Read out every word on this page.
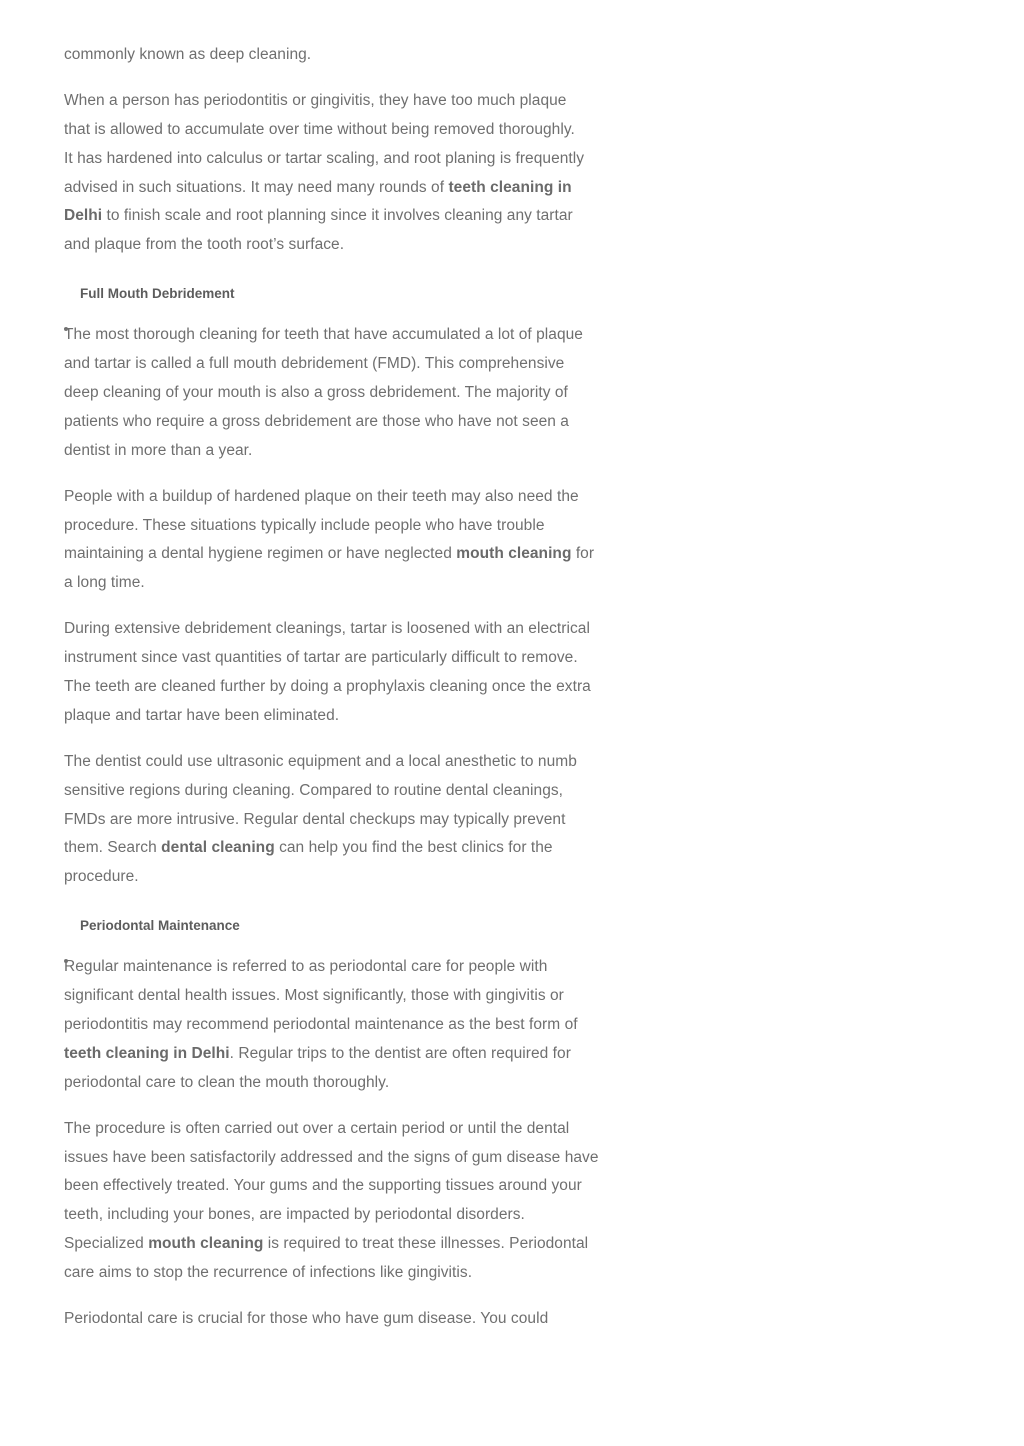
commonly known as deep cleaning.
When a person has periodontitis or gingivitis, they have too much plaque
that is allowed to accumulate over time without being removed thoroughly.
It has hardened into calculus or tartar scaling, and root planing is frequently
advised in such situations. It may need many rounds of teeth cleaning in
Delhi to finish scale and root planning since it involves cleaning any tartar
and plaque from the tooth root’s surface.
Full Mouth Debridement
The most thorough cleaning for teeth that have accumulated a lot of plaque
and tartar is called a full mouth debridement (FMD). This comprehensive
deep cleaning of your mouth is also a gross debridement. The majority of
patients who require a gross debridement are those who have not seen a
dentist in more than a year.
People with a buildup of hardened plaque on their teeth may also need the
procedure. These situations typically include people who have trouble
maintaining a dental hygiene regimen or have neglected mouth cleaning for
a long time.
During extensive debridement cleanings, tartar is loosened with an electrical
instrument since vast quantities of tartar are particularly difficult to remove.
The teeth are cleaned further by doing a prophylaxis cleaning once the extra
plaque and tartar have been eliminated.
The dentist could use ultrasonic equipment and a local anesthetic to numb
sensitive regions during cleaning. Compared to routine dental cleanings,
FMDs are more intrusive. Regular dental checkups may typically prevent
them. Search dental cleaning can help you find the best clinics for the
procedure.
Periodontal Maintenance
Regular maintenance is referred to as periodontal care for people with
significant dental health issues. Most significantly, those with gingivitis or
periodontitis may recommend periodontal maintenance as the best form of
teeth cleaning in Delhi. Regular trips to the dentist are often required for
periodontal care to clean the mouth thoroughly.
The procedure is often carried out over a certain period or until the dental
issues have been satisfactorily addressed and the signs of gum disease have
been effectively treated. Your gums and the supporting tissues around your
teeth, including your bones, are impacted by periodontal disorders.
Specialized mouth cleaning is required to treat these illnesses. Periodontal
care aims to stop the recurrence of infections like gingivitis.
Periodontal care is crucial for those who have gum disease. You could
